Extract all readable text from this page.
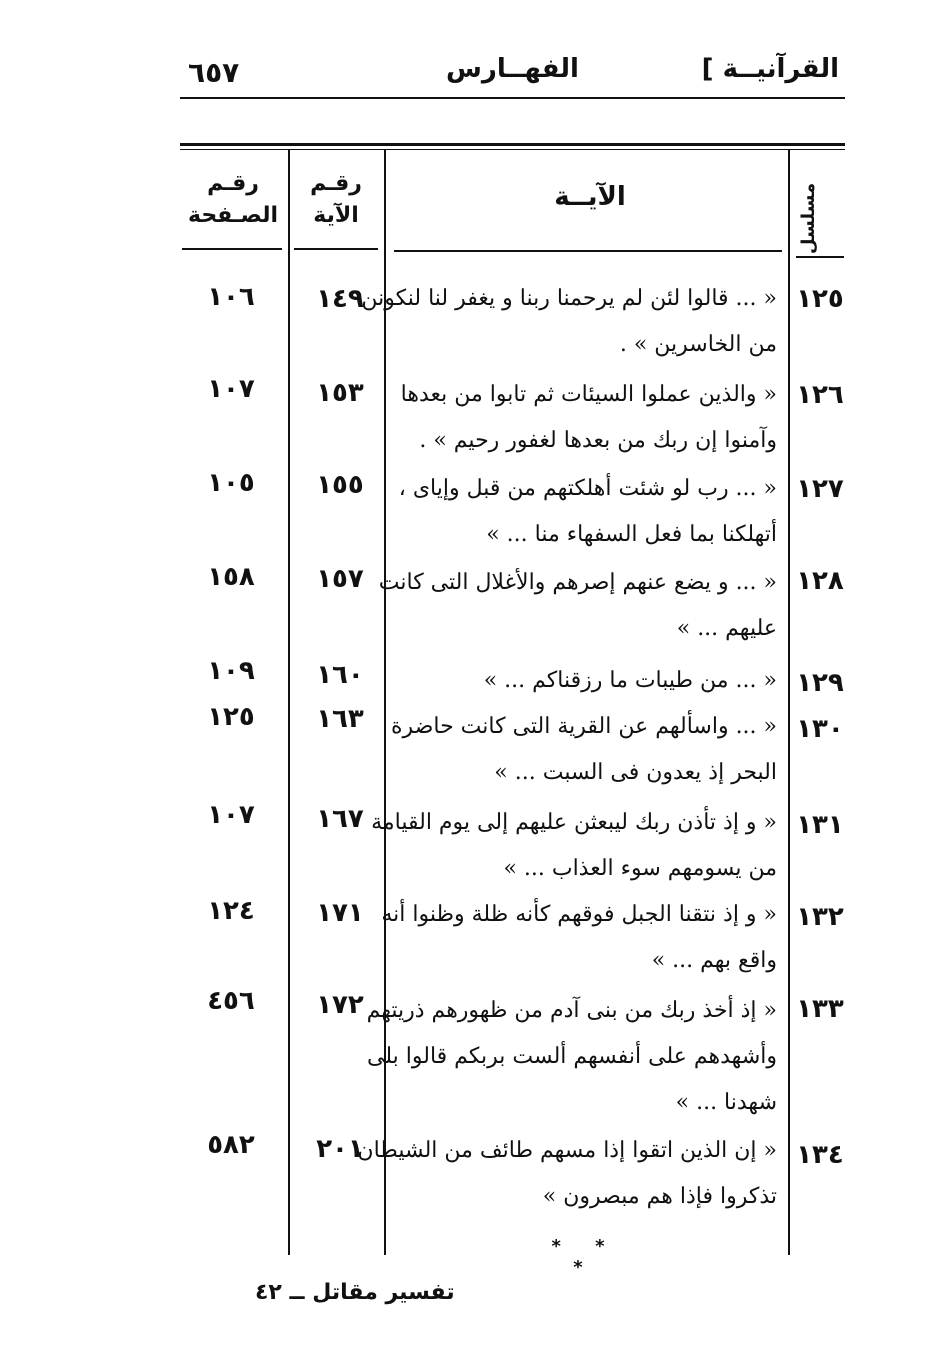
٦٥٧	الفهــارس	القرآنيــة ]
مسلسل
الآيــة
رقـم
الآية
رقـم
الصـفحة
١٢٥
« ... قالوا لئن لم يرحمنا ربنا و يغفر لنا لنكونن
من الخاسرين » .
١٤٩
١٠٦
١٢٦
« والذين عملوا السيئات ثم تابوا من بعدها
وآمنوا إن ربك من بعدها لغفور رحيم » .
١٥٣
١٠٧
١٢٧
« ... رب لو شئت أهلكتهم من قبل وإياى ،
أتهلكنا بما فعل السفهاء منا ... »
١٥٥
١٠٥
١٢٨
« ... و يضع عنهم إصرهم والأغلال التى كانت
عليهم ... »
١٥٧
١٥٨
١٢٩
« ... من طيبات ما رزقناكم ... »
١٦٠
١٠٩
١٣٠
« ... واسألهم عن القرية التى كانت حاضرة
البحر إذ يعدون فى السبت ... »
١٦٣
١٢٥
١٣١
« و إذ تأذن ربك ليبعثن عليهم إلى يوم القيامة
من يسومهم سوء العذاب ... »
١٦٧
١٠٧
١٣٢
« و إذ نتقنا الجبل فوقهم كأنه ظلة وظنوا أنه
واقع بهم ... »
١٧١
١٢٤
١٣٣
« إذ أخذ ربك من بنى آدم من ظهورهم ذريتهم
وأشهدهم على أنفسهم ألست بربكم قالوا بلى
شهدنا ... »
١٧٢
٤٥٦
١٣٤
« إن الذين اتقوا إذا مسهم طائف من الشيطان
تذكروا فإذا هم مبصرون »
٢٠١
٥٨٢
* * *
تفسير مقاتل ــ ٤٢
